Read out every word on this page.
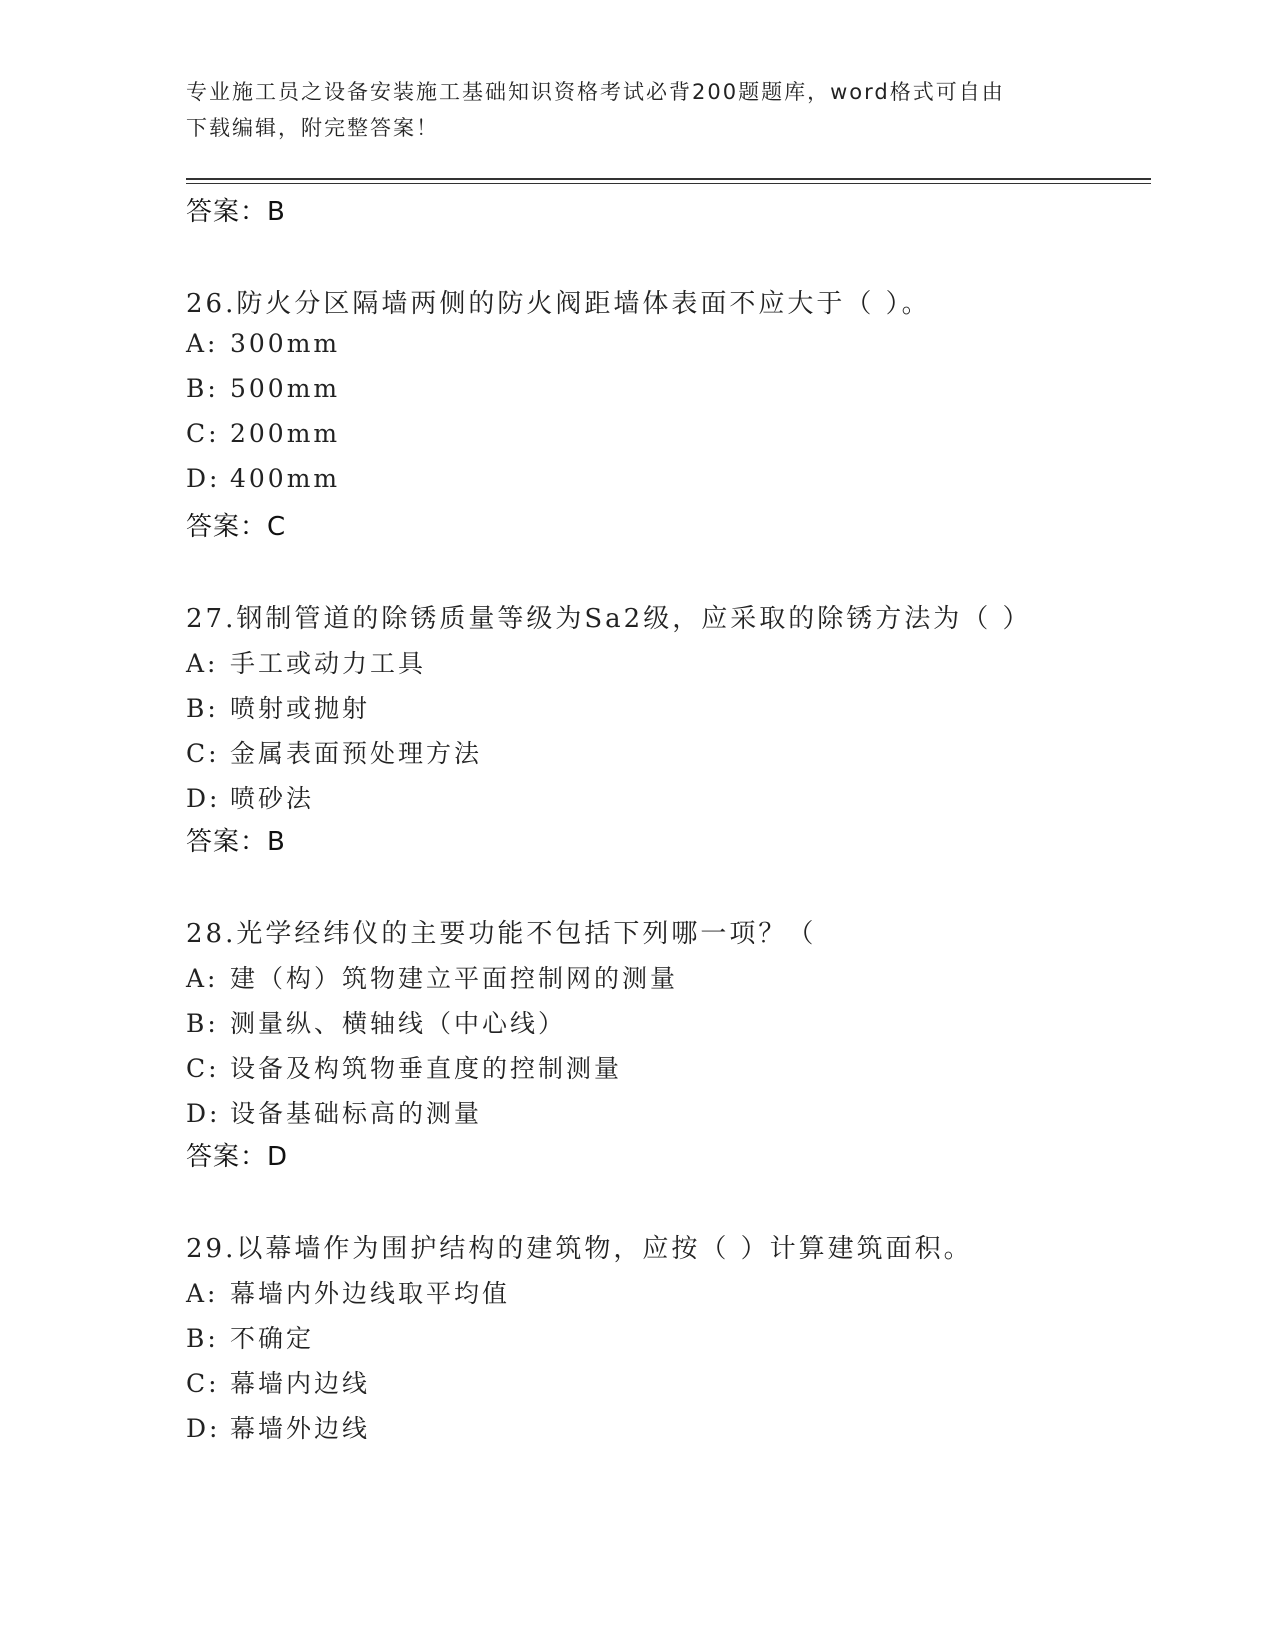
专业施工员之设备安装施工基础知识资格考试必背200题题库，word格式可自由
下载编辑，附完整答案！
答案：B
26.防火分区隔墙两侧的防火阀距墙体表面不应大于（ ）。
A: 300mm
B: 500mm
C: 200mm
D: 400mm
答案：C
27.钢制管道的除锈质量等级为Sa2级，应采取的除锈方法为（ ）
A: 手工或动力工具
B: 喷射或抛射
C: 金属表面预处理方法
D: 喷砂法
答案：B
28.光学经纬仪的主要功能不包括下列哪一项？（
A: 建（构）筑物建立平面控制网的测量
B: 测量纵、横轴线（中心线）
C: 设备及构筑物垂直度的控制测量
D: 设备基础标高的测量
答案：D
29.以幕墙作为围护结构的建筑物，应按（ ）计算建筑面积。
A: 幕墙内外边线取平均值
B: 不确定
C: 幕墙内边线
D: 幕墙外边线
